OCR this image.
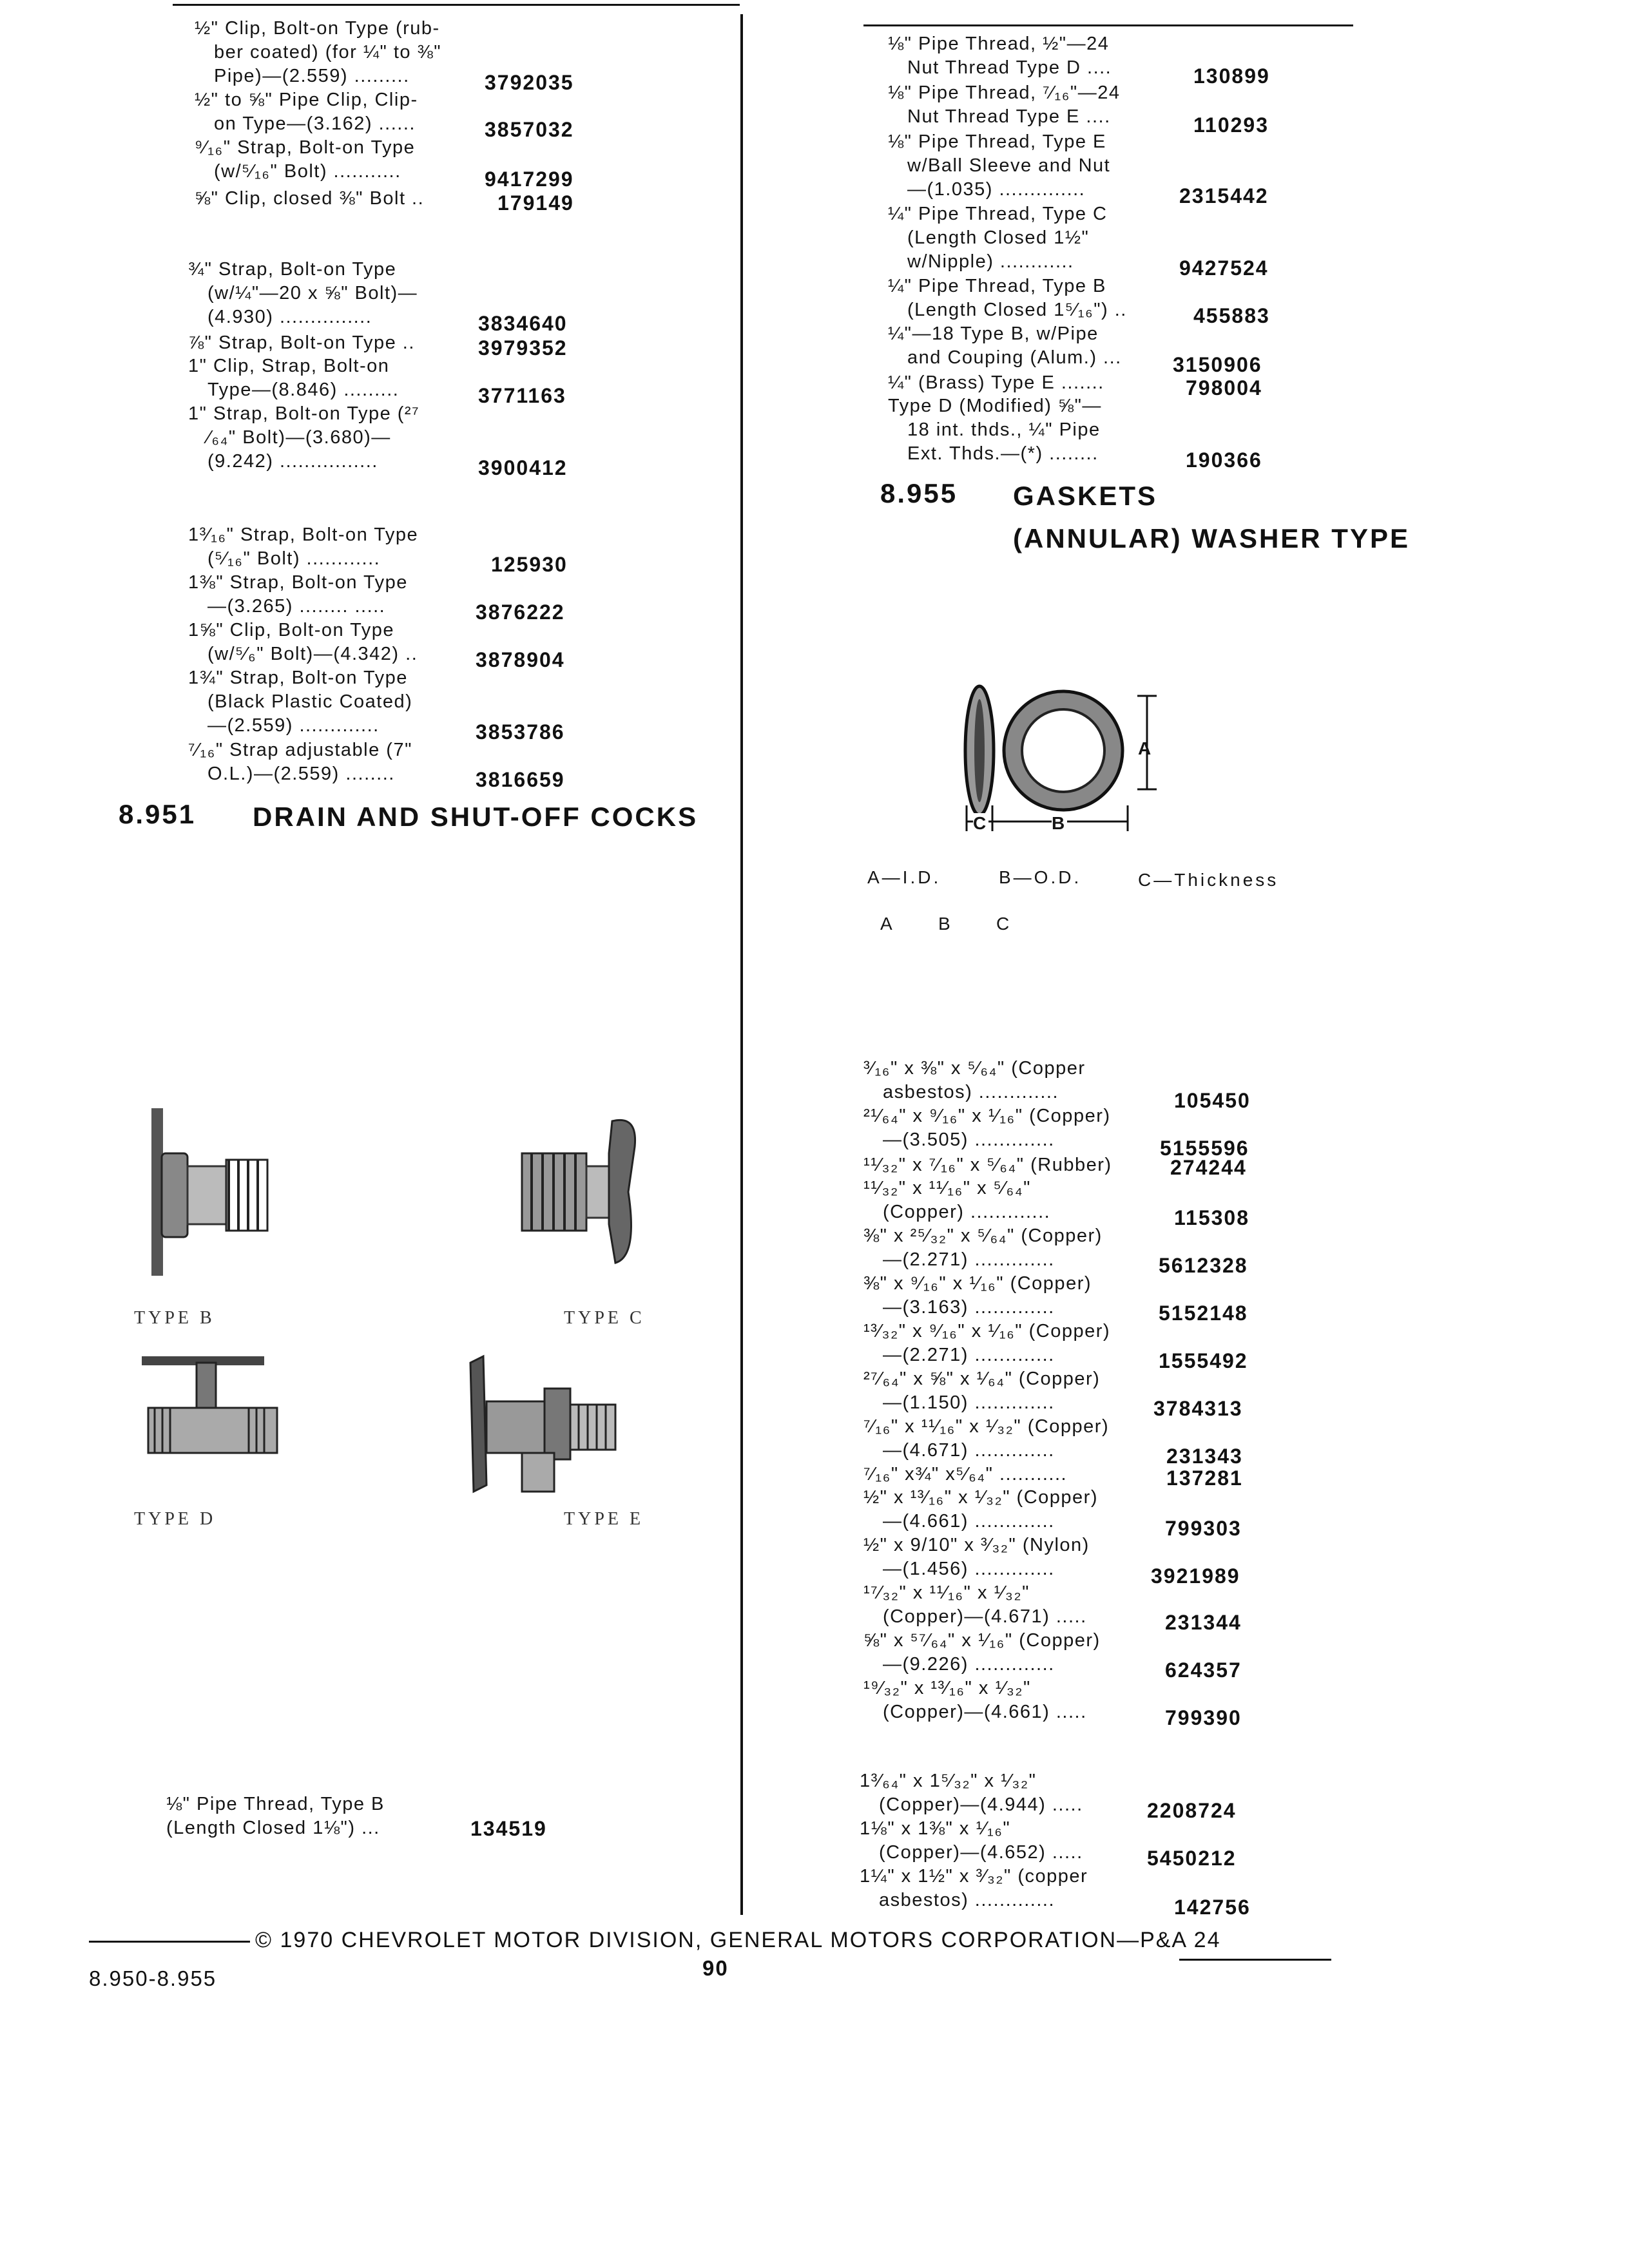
½" Clip, Bolt-on Type (rub-
ber coated) (for ¼" to ⅜"
Pipe)—(2.559) .........	3792035
½" to ⅝" Pipe Clip, Clip-
on Type—(3.162) ......	3857032
⁹⁄₁₆" Strap, Bolt-on Type
(w/⁵⁄₁₆" Bolt) ...........	9417299
⅝" Clip, closed ⅜" Bolt ..	179149
¾" Strap, Bolt-on Type
(w/¼"—20 x ⅝" Bolt)—
(4.930) ...............	3834640
⅞" Strap, Bolt-on Type ..	3979352
1" Clip, Strap, Bolt-on
Type—(8.846) .........	3771163
1" Strap, Bolt-on Type (²⁷
⁄₆₄" Bolt)—(3.680)—
(9.242) ................	3900412
1³⁄₁₆" Strap, Bolt-on Type
(⁵⁄₁₆" Bolt) ............	125930
1⅜" Strap, Bolt-on Type
—(3.265) ........ .....	3876222
1⅝" Clip, Bolt-on Type
(w/⁵⁄₆" Bolt)—(4.342) ..	3878904
1¾" Strap, Bolt-on Type
(Black Plastic Coated)
—(2.559) .............	3853786
⁷⁄₁₆" Strap adjustable (7"
O.L.)—(2.559) ........	3816659
8.951 DRAIN AND SHUT-OFF COCKS
TYPE B	TYPE C
TYPE D	TYPE E
⅛" Pipe Thread, Type B
(Length Closed 1⅛") ...	134519
⅛" Pipe Thread, ½"—24
Nut Thread Type D ....	130899
⅛" Pipe Thread, ⁷⁄₁₆"—24
Nut Thread Type E ....	110293
⅛" Pipe Thread, Type E
w/Ball Sleeve and Nut
—(1.035) ..............	2315442
¼" Pipe Thread, Type C
(Length Closed 1½"
w/Nipple) ............	9427524
¼" Pipe Thread, Type B
(Length Closed 1⁵⁄₁₆") ..	455883
¼"—18 Type B, w/Pipe
and Couping (Alum.) ... 3150906
¼" (Brass) Type E .......	798004
Type D (Modified) ⅝"—
18 int. thds., ¼" Pipe
Ext. Thds.—(*) ........	190366
8.955 GASKETS
(ANNULAR) WASHER TYPE
A
B
C
A—I.D.	B—O.D.	C—Thickness
A B C
³⁄₁₆" x ⅜" x ⁵⁄₆₄" (Copper
asbestos) .............	105450
²¹⁄₆₄" x ⁹⁄₁₆" x ¹⁄₁₆" (Copper)
—(3.505) .............	5155596
¹¹⁄₃₂" x ⁷⁄₁₆" x ⁵⁄₆₄" (Rubber)	274244
¹¹⁄₃₂" x ¹¹⁄₁₆" x ⁵⁄₆₄"
(Copper) .............	115308
⅜" x ²⁵⁄₃₂" x ⁵⁄₆₄" (Copper)
—(2.271) .............	5612328
⅜" x ⁹⁄₁₆" x ¹⁄₁₆" (Copper)
—(3.163) .............	5152148
¹³⁄₃₂" x ⁹⁄₁₆" x ¹⁄₁₆" (Copper)
—(2.271) .............	1555492
²⁷⁄₆₄" x ⅝" x ¹⁄₆₄" (Copper)
—(1.150) .............	3784313
⁷⁄₁₆" x ¹¹⁄₁₆" x ¹⁄₃₂" (Copper)
—(4.671) .............	231343
⁷⁄₁₆" x¾" x⁵⁄₆₄" ...........	137281
½" x ¹³⁄₁₆" x ¹⁄₃₂" (Copper)
—(4.661) .............	799303
½" x 9/10" x ³⁄₃₂" (Nylon)
—(1.456) .............	3921989
¹⁷⁄₃₂" x ¹¹⁄₁₆" x ¹⁄₃₂"
(Copper)—(4.671) .....	231344
⅝" x ⁵⁷⁄₆₄" x ¹⁄₁₆" (Copper)
—(9.226) .............	624357
¹⁹⁄₃₂" x ¹³⁄₁₆" x ¹⁄₃₂"
(Copper)—(4.661) .....	799390
1³⁄₆₄" x 1⁵⁄₃₂" x ¹⁄₃₂"
(Copper)—(4.944) .....	2208724
1⅛" x 1⅜" x ¹⁄₁₆"
(Copper)—(4.652) .....	5450212
1¼" x 1½" x ³⁄₃₂" (copper
asbestos) .............	142756
© 1970 CHEVROLET MOTOR DIVISION, GENERAL MOTORS CORPORATION—P&A 24
8.950-8.955	90
